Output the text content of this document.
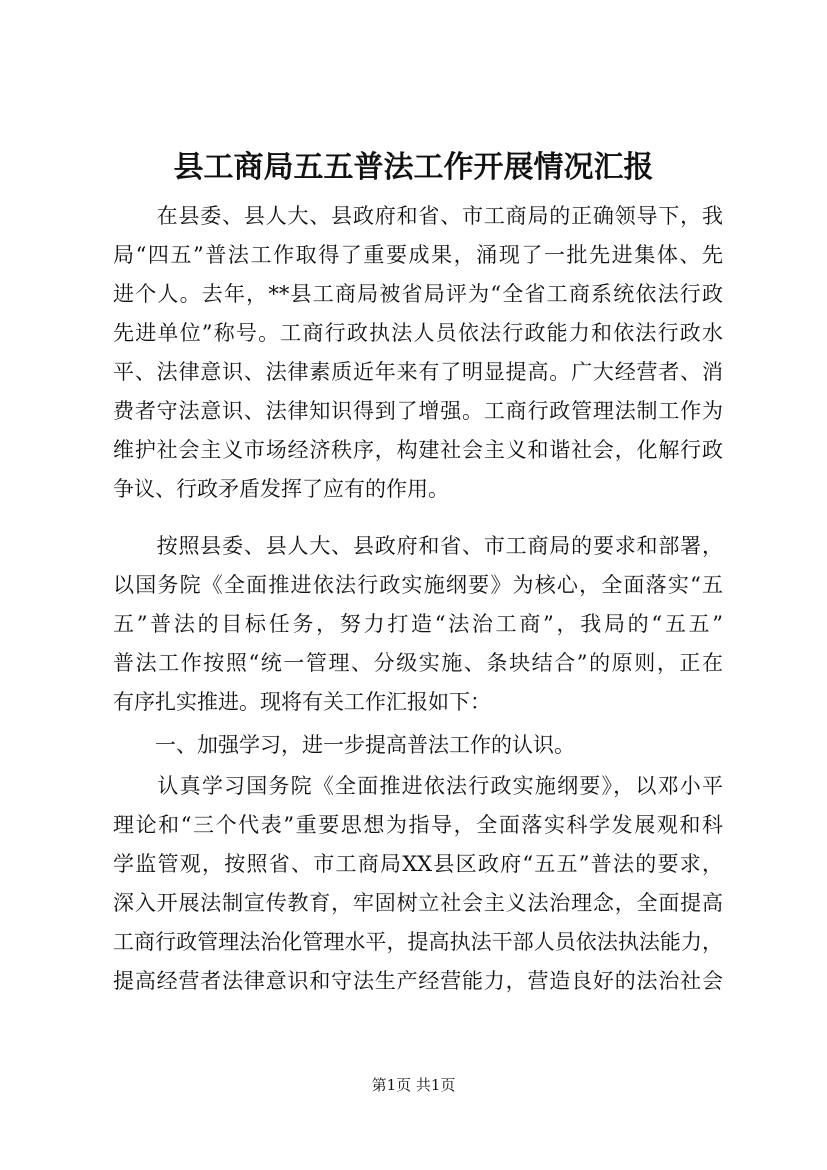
县工商局五五普法工作开展情况汇报

　　在县委、县人大、县政府和省、市工商局的正确领导下，我

局“四五”普法工作取得了重要成果，涌现了一批先进集体、先

进个人。去年，**县工商局被省局评为“全省工商系统依法行政

先进单位”称号。工商行政执法人员依法行政能力和依法行政水

平、法律意识、法律素质近年来有了明显提高。广大经营者、消

费者守法意识、法律知识得到了增强。工商行政管理法制工作为

维护社会主义市场经济秩序，构建社会主义和谐社会，化解行政

争议、行政矛盾发挥了应有的作用。

　　按照县委、县人大、县政府和省、市工商局的要求和部署，

以国务院《全面推进依法行政实施纲要》为核心，全面落实“五

五”普法的目标任务，努力打造“法治工商”，我局的“五五”

普法工作按照“统一管理、分级实施、条块结合”的原则，正在

有序扎实推进。现将有关工作汇报如下：

　　一、加强学习，进一步提高普法工作的认识。

　　认真学习国务院《全面推进依法行政实施纲要》，以邓小平

理论和“三个代表”重要思想为指导，全面落实科学发展观和科

学监管观，按照省、市工商局XX县区政府“五五”普法的要求，

深入开展法制宣传教育，牢固树立社会主义法治理念，全面提高

工商行政管理法治化管理水平，提高执法干部人员依法执法能力，

提高经营者法律意识和守法生产经营能力，营造良好的法治社会

第1页 共1页
